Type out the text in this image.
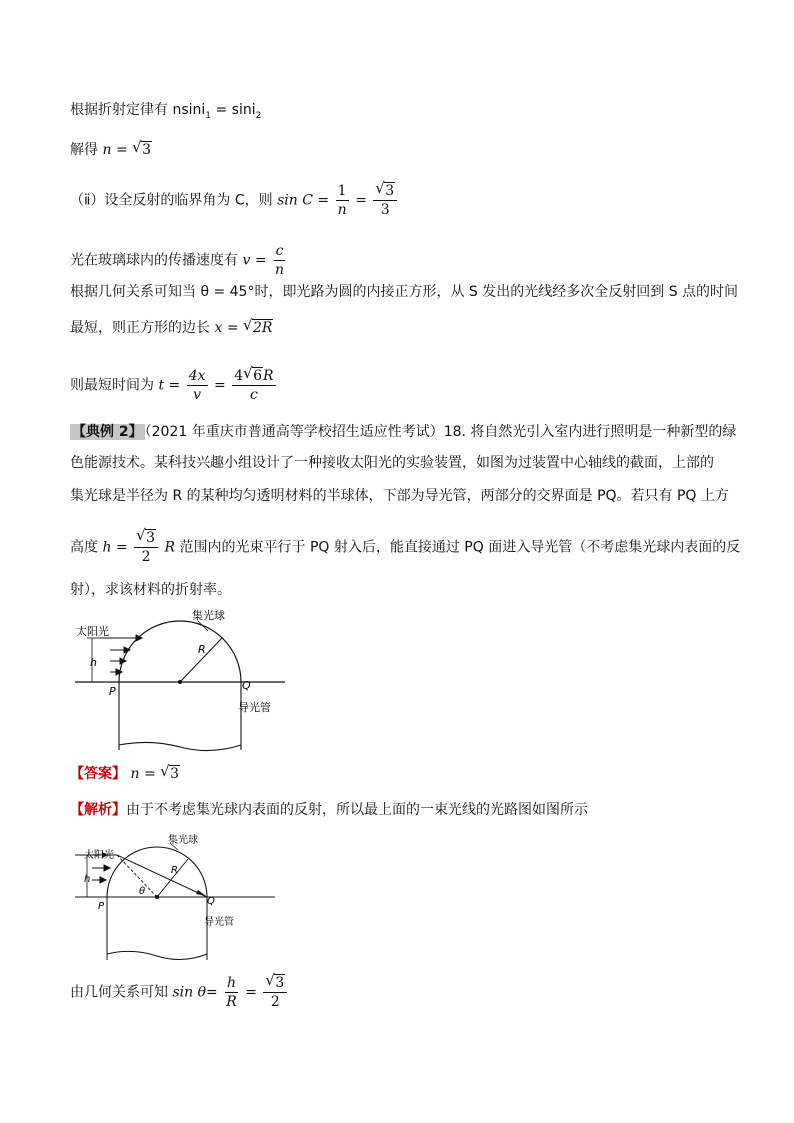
根据折射定律有 nsini$_1$ = sini$_2$
解得 n = √ 3
（ⅱ）设全反射的临界角为 C，则 $\sin C = \frac{1}{n} = \frac{√ 3}{3}$
光在玻璃球内的传播速度有 $v = \frac{c}{n}$
根据几何关系可知当 θ = 45°时，即光路为圆的内接正方形，从 S 发出的光线经多次全反射回到 S 点的时间
最短，则正方形的边长 x = √ 2R
则最短时间为 $t = \frac{4x}{v} = \frac{4 √ 6R}{c}$
【典例 2】 （2021 年重庆市普通高等学校招生适应性考试）18. 将自然光引入室内进行照明是一种新型的绿
色能源技术。某科技兴趣小组设计了一种接收太阳光的实验装置，如图为过装置中心轴线的截面，上部的
集光球是半径为 R 的某种均匀透明材料的半球体，下部为导光管，两部分的交界面是 PQ。若只有 PQ 上方
高度 $h = \frac{√ 3}{2}$ R 范围内的光束平行于 PQ 射入后，能直接通过 PQ 面进入导光管（不考虑集光球内表面的反
射），求该材料的折射率。
太阳光
集光球
R
h
P	Q
导光管
【答案】 n = √ 3
【解析】由于不考虑集光球内表面的反射，所以最上面的一束光线的光路图如图所示
太阳光
集光球
R
h
θ
P	Q
导光管
由几何关系可知 $\sin \theta= \frac{h}{R} = \frac{√ 3}{2}$
